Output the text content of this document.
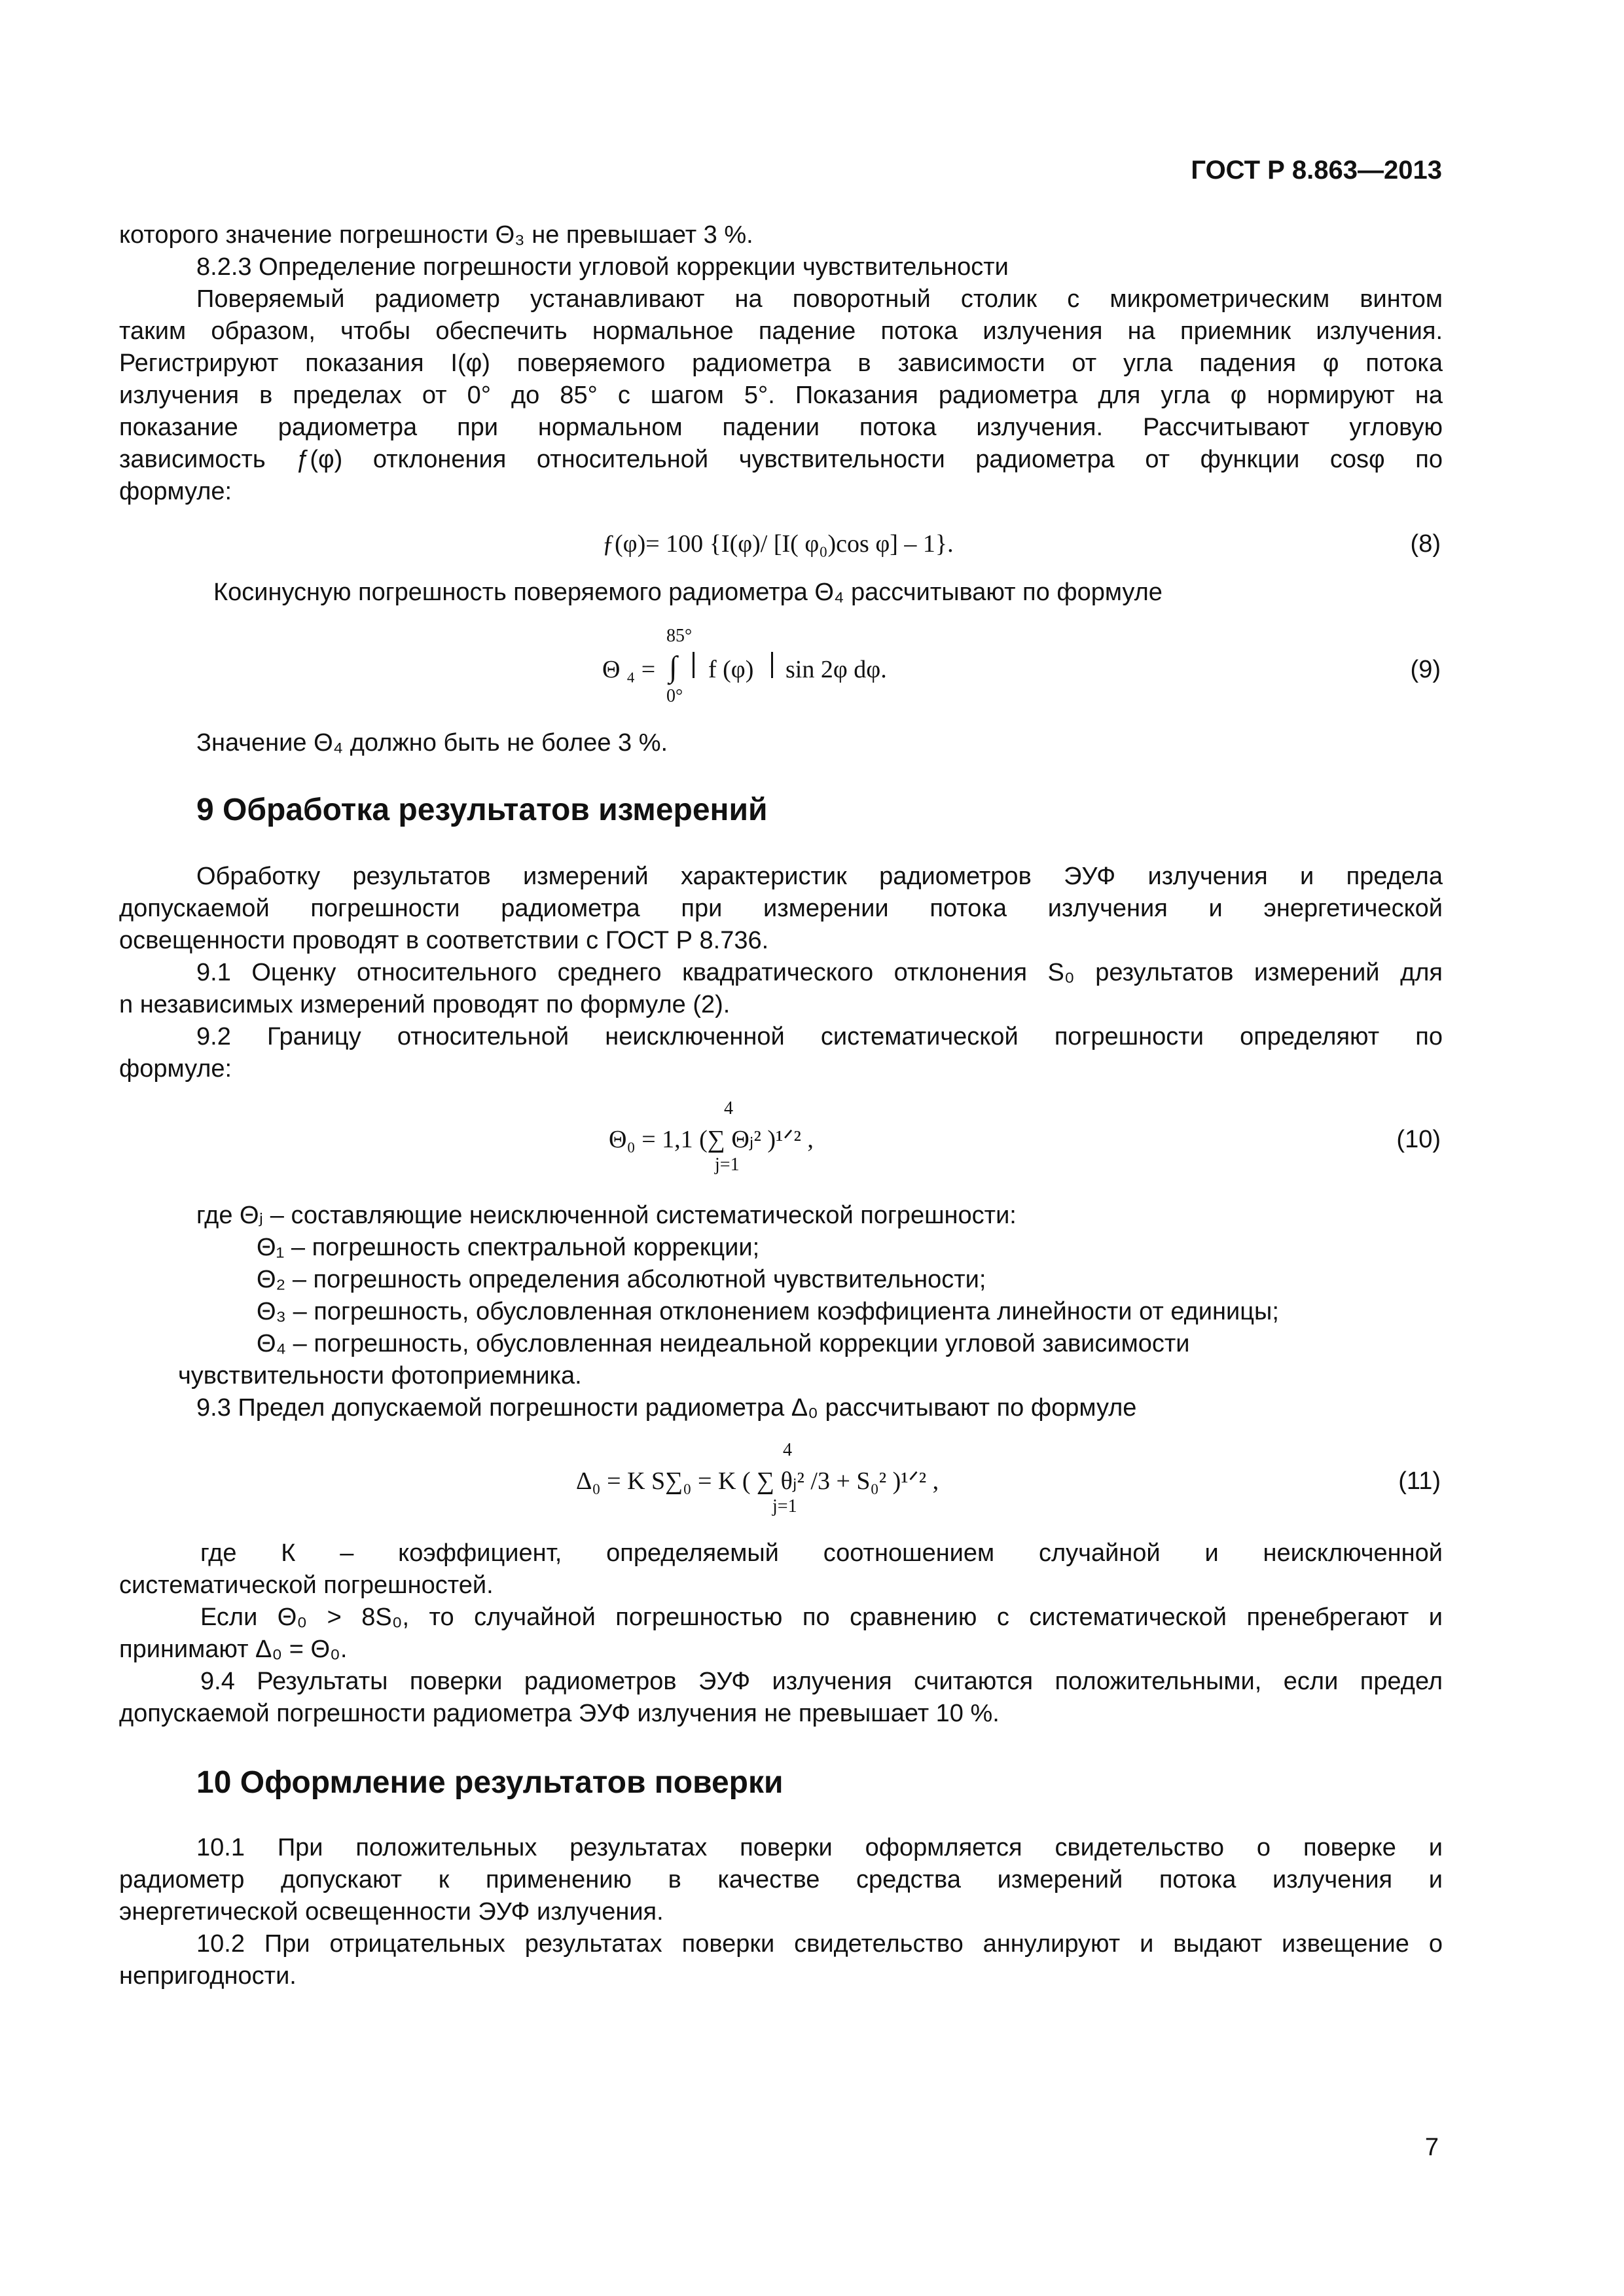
ГОСТ Р 8.863—2013
которого значение погрешности Θ₃ не превышает 3 %.
8.2.3 Определение погрешности угловой коррекции чувствительности
Поверяемый радиометр устанавливают на поворотный столик с микрометрическим винтом
таким образом, чтобы обеспечить нормальное падение потока излучения на приемник излучения.
Регистрируют показания I(φ) поверяемого радиометра в зависимости от угла падения φ потока
излучения в пределах от 0° до 85° с шагом 5°. Показания радиометра для угла φ нормируют на
показание радиометра при нормальном падении потока излучения. Рассчитывают угловую
зависимость ƒ(φ) отклонения относительной чувствительности радиометра от функции cosφ по
формуле:
ƒ(φ)= 100 {I(φ)/ [I( φ₀)cos φ] – 1}.	(8)
Косинусную погрешность поверяемого радиометра Θ₄ рассчитывают по формуле
85°
Θ ₄ = ∫ f (φ) sin 2φ dφ.
0°
(9)
Значение Θ₄ должно быть не более 3 %.
9 Обработка результатов измерений
Обработку результатов измерений характеристик радиометров ЭУФ излучения и предела
допускаемой погрешности радиометра при измерении потока излучения и энергетической
освещенности проводят в соответствии с ГОСТ Р 8.736.
9.1 Оценку относительного среднего квадратического отклонения S₀ результатов измерений для
n независимых измерений проводят по формуле (2).
9.2 Границу относительной неисключенной систематической погрешности определяют по
формуле:
4
Θ₀ = 1,1 (∑ Θⱼ² )¹ᐟ² ,
j=1
(10)
где Θⱼ – составляющие неисключенной систематической погрешности:
Θ₁ – погрешность спектральной коррекции;
Θ₂ – погрешность определения абсолютной чувствительности;
Θ₃ – погрешность, обусловленная отклонением коэффициента линейности от единицы;
Θ₄ – погрешность, обусловленная неидеальной коррекции угловой зависимости
чувствительности фотоприемника.
9.3 Предел допускаемой погрешности радиометра Δ₀ рассчитывают по формуле
4
Δ₀ = K S∑₀ = K ( ∑ θⱼ² /3 + S₀² )¹ᐟ² ,
j=1
(11)
где К – коэффициент, определяемый соотношением случайной и неисключенной
систематической погрешностей.
Если Θ₀ > 8S₀, то случайной погрешностью по сравнению с систематической пренебрегают и
принимают Δ₀ = Θ₀.
9.4 Результаты поверки радиометров ЭУФ излучения считаются положительными, если предел
допускаемой погрешности радиометра ЭУФ излучения не превышает 10 %.
10 Оформление результатов поверки
10.1 При положительных результатах поверки оформляется свидетельство о поверке и
радиометр допускают к применению в качестве средства измерений потока излучения и
энергетической освещенности ЭУФ излучения.
10.2 При отрицательных результатах поверки свидетельство аннулируют и выдают извещение о
непригодности.
7
